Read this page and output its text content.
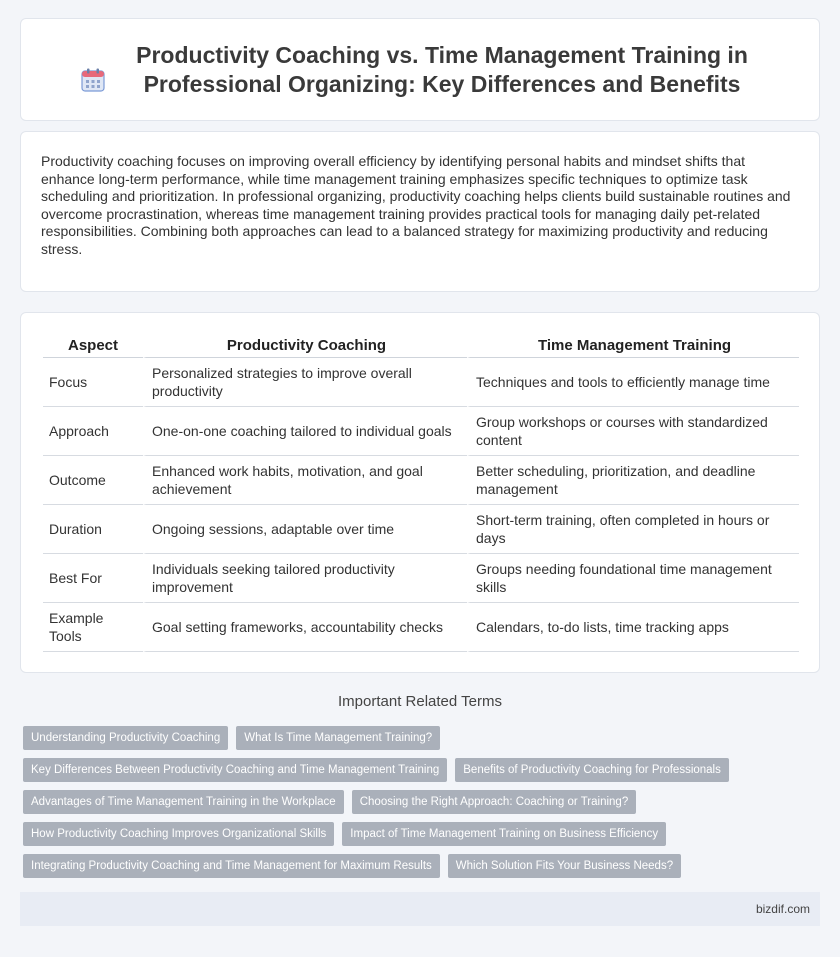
Productivity Coaching vs. Time Management Training in Professional Organizing: Key Differences and Benefits

Productivity coaching focuses on improving overall efficiency by identifying personal habits and mindset shifts that enhance long-term performance, while time management training emphasizes specific techniques to optimize task scheduling and prioritization. In professional organizing, productivity coaching helps clients build sustainable routines and overcome procrastination, whereas time management training provides practical tools for managing daily pet-related responsibilities. Combining both approaches can lead to a balanced strategy for maximizing productivity and reducing stress.

Aspect	Productivity Coaching	Time Management Training
Focus	Personalized strategies to improve overall productivity	Techniques and tools to efficiently manage time
Approach	One-on-one coaching tailored to individual goals	Group workshops or courses with standardized content
Outcome	Enhanced work habits, motivation, and goal achievement	Better scheduling, prioritization, and deadline management
Duration	Ongoing sessions, adaptable over time	Short-term training, often completed in hours or days
Best For	Individuals seeking tailored productivity improvement	Groups needing foundational time management skills
Example Tools	Goal setting frameworks, accountability checks	Calendars, to-do lists, time tracking apps
Important Related Terms
Understanding Productivity Coaching	What Is Time Management Training?
Key Differences Between Productivity Coaching and Time Management Training	Benefits of Productivity Coaching for Professionals
Advantages of Time Management Training in the Workplace	Choosing the Right Approach: Coaching or Training?
How Productivity Coaching Improves Organizational Skills	Impact of Time Management Training on Business Efficiency
Integrating Productivity Coaching and Time Management for Maximum Results	Which Solution Fits Your Business Needs?
bizdif.com
